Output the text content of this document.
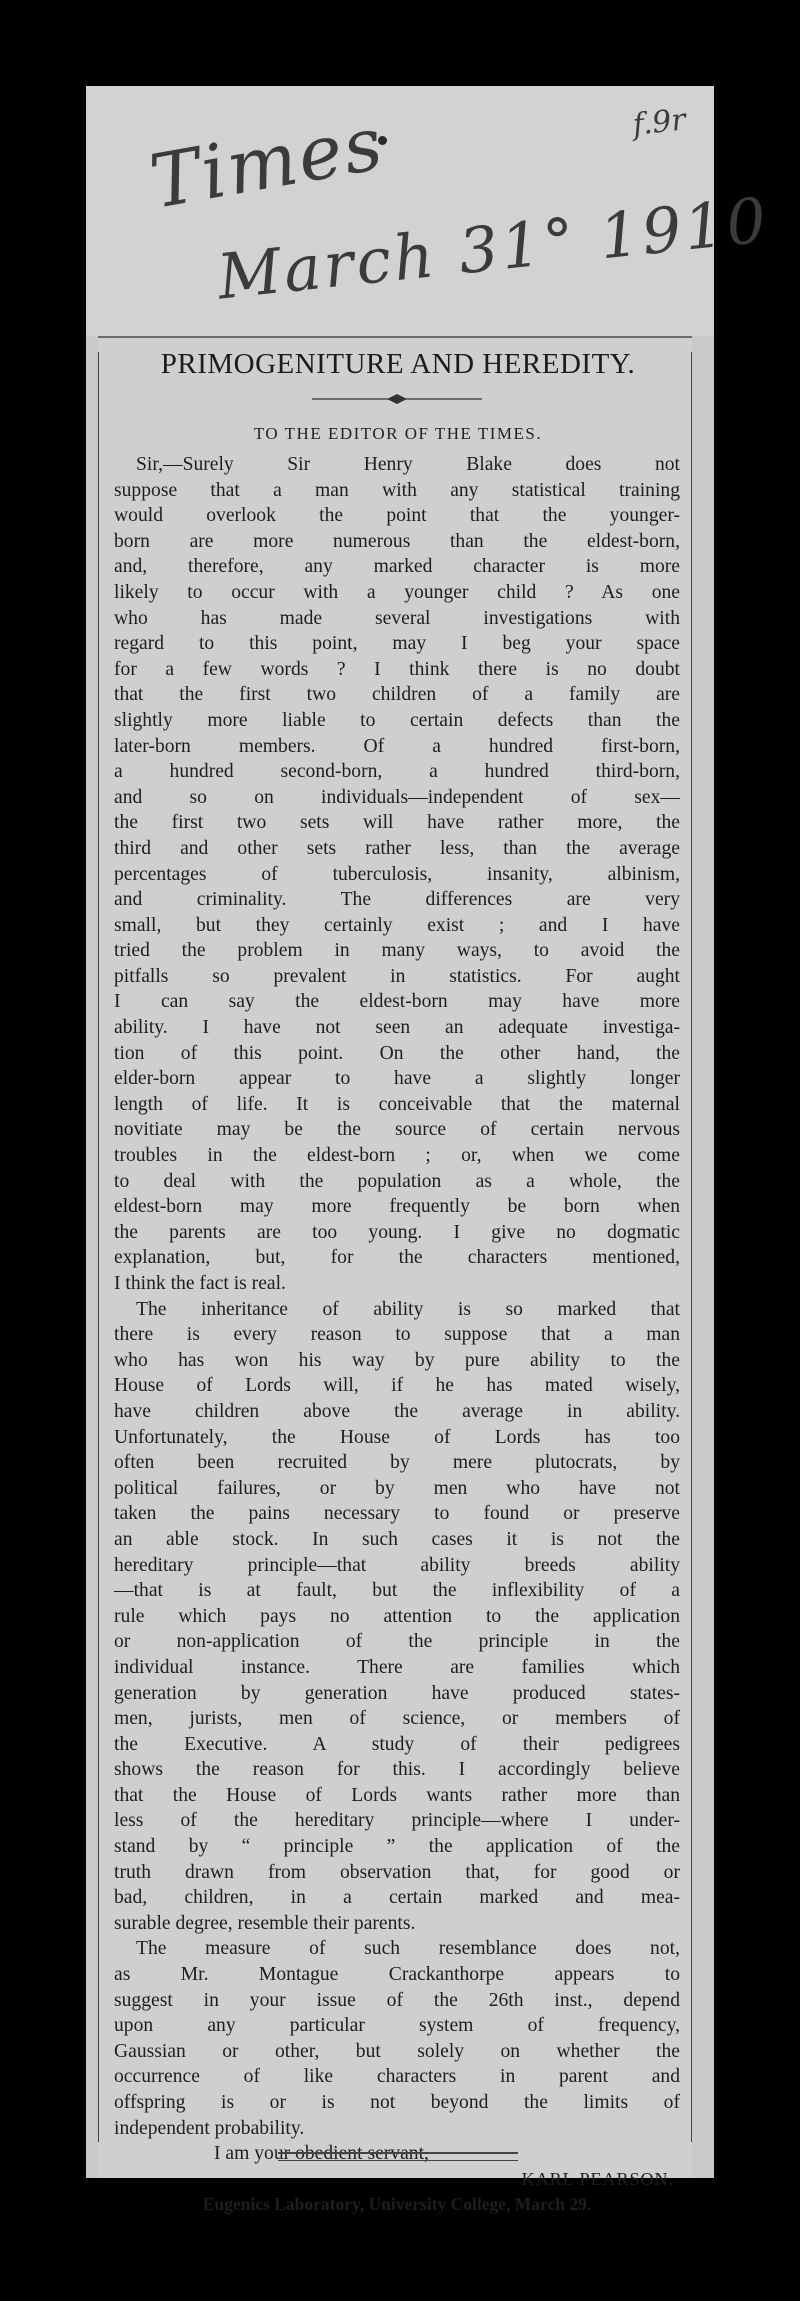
f.9r
Times
March 31° 1910
PRIMOGENITURE AND HEREDITY.
TO THE EDITOR OF THE TIMES.
Sir,—Surely Sir Henry Blake does not
suppose that a man with any statistical training
would overlook the point that the younger-
born are more numerous than the eldest-born,
and, therefore, any marked character is more
likely to occur with a younger child ? As one
who has made several investigations with
regard to this point, may I beg your space
for a few words ? I think there is no doubt
that the first two children of a family are
slightly more liable to certain defects than the
later-born members. Of a hundred first-born,
a hundred second-born, a hundred third-born,
and so on individuals—independent of sex—
the first two sets will have rather more, the
third and other sets rather less, than the average
percentages of tuberculosis, insanity, albinism,
and criminality. The differences are very
small, but they certainly exist ; and I have
tried the problem in many ways, to avoid the
pitfalls so prevalent in statistics. For aught
I can say the eldest-born may have more
ability. I have not seen an adequate investiga-
tion of this point. On the other hand, the
elder-born appear to have a slightly longer
length of life. It is conceivable that the maternal
novitiate may be the source of certain nervous
troubles in the eldest-born ; or, when we come
to deal with the population as a whole, the
eldest-born may more frequently be born when
the parents are too young. I give no dogmatic
explanation, but, for the characters mentioned,
I think the fact is real.
The inheritance of ability is so marked that
there is every reason to suppose that a man
who has won his way by pure ability to the
House of Lords will, if he has mated wisely,
have children above the average in ability.
Unfortunately, the House of Lords has too
often been recruited by mere plutocrats, by
political failures, or by men who have not
taken the pains necessary to found or preserve
an able stock. In such cases it is not the
hereditary principle—that ability breeds ability
—that is at fault, but the inflexibility of a
rule which pays no attention to the application
or non-application of the principle in the
individual instance. There are families which
generation by generation have produced states-
men, jurists, men of science, or members of
the Executive. A study of their pedigrees
shows the reason for this. I accordingly believe
that the House of Lords wants rather more than
less of the hereditary principle—where I under-
stand by “ principle ” the application of the
truth drawn from observation that, for good or
bad, children, in a certain marked and mea-
surable degree, resemble their parents.
The measure of such resemblance does not,
as Mr. Montague Crackanthorpe appears to
suggest in your issue of the 26th inst., depend
upon any particular system of frequency,
Gaussian or other, but solely on whether the
occurrence of like characters in parent and
offspring is or is not beyond the limits of
independent probability.
I am your obedient servant,
KARL PEARSON.
Eugenics Laboratory, University College, March 29.
